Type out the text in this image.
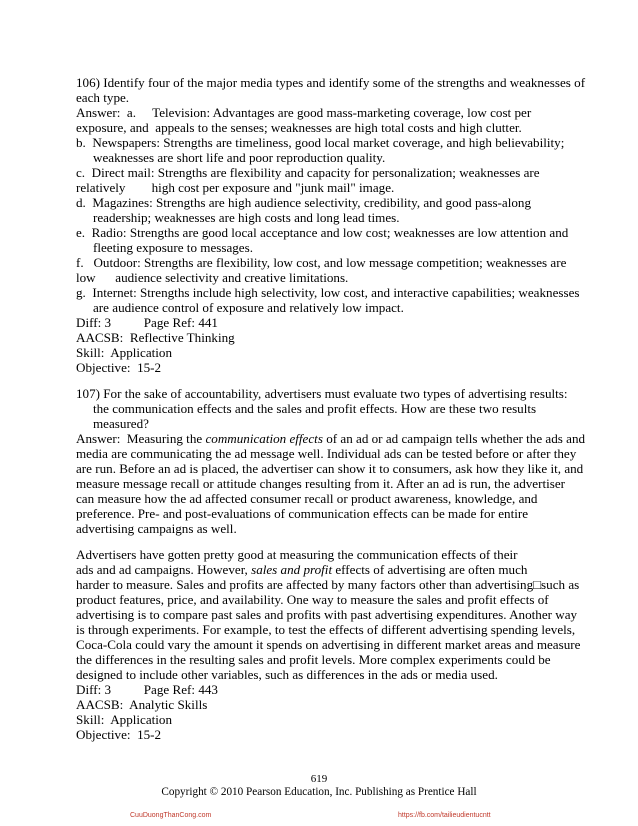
106) Identify four of the major media types and identify some of the strengths and weaknesses of
each type.
Answer:  a.     Television: Advantages are good mass-marketing coverage, low cost per
exposure, and  appeals to the senses; weaknesses are high total costs and high clutter.
b.  Newspapers: Strengths are timeliness, good local market coverage, and high believability;
weaknesses are short life and poor reproduction quality.
c.  Direct mail: Strengths are flexibility and capacity for personalization; weaknesses are
relatively        high cost per exposure and "junk mail" image.
d.  Magazines: Strengths are high audience selectivity, credibility, and good pass-along
readership; weaknesses are high costs and long lead times.
e.  Radio: Strengths are good local acceptance and low cost; weaknesses are low attention and
fleeting exposure to messages.
f.   Outdoor: Strengths are flexibility, low cost, and low message competition; weaknesses are
low      audience selectivity and creative limitations.
g.  Internet: Strengths include high selectivity, low cost, and interactive capabilities; weaknesses
are audience control of exposure and relatively low impact.
Diff: 3          Page Ref: 441
AACSB:  Reflective Thinking
Skill:  Application
Objective:  15-2
107) For the sake of accountability, advertisers must evaluate two types of advertising results:
the communication effects and the sales and profit effects. How are these two results
measured?
Answer:  Measuring the communication effects of an ad or ad campaign tells whether the ads and
media are communicating the ad message well. Individual ads can be tested before or after they
are run. Before an ad is placed, the advertiser can show it to consumers, ask how they like it, and
measure message recall or attitude changes resulting from it. After an ad is run, the advertiser
can measure how the ad affected consumer recall or product awareness, knowledge, and
preference. Pre- and post-evaluations of communication effects can be made for entire
advertising campaigns as well.
Advertisers have gotten pretty good at measuring the communication effects of their
ads and ad campaigns. However, sales and profit effects of advertising are often much
harder to measure. Sales and profits are affected by many factors other than advertising□such as
product features, price, and availability. One way to measure the sales and profit effects of
advertising is to compare past sales and profits with past advertising expenditures. Another way
is through experiments. For example, to test the effects of different advertising spending levels,
Coca-Cola could vary the amount it spends on advertising in different market areas and measure
the differences in the resulting sales and profit levels. More complex experiments could be
designed to include other variables, such as differences in the ads or media used.
Diff: 3          Page Ref: 443
AACSB:  Analytic Skills
Skill:  Application
Objective:  15-2
619
Copyright © 2010 Pearson Education, Inc. Publishing as Prentice Hall
CuuDuongThanCong.com	https://fb.com/tailieudientucntt
